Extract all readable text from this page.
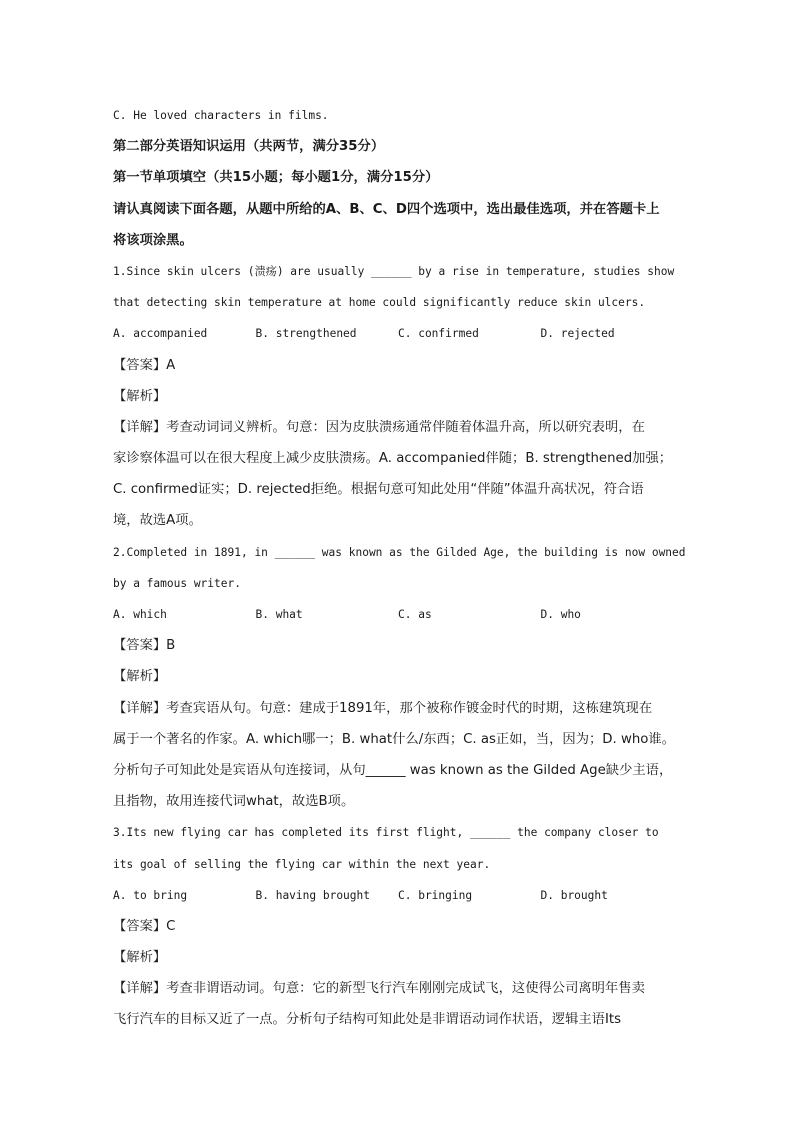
C. He loved characters in films.
第二部分英语知识运用（共两节，满分35分）
第一节单项填空（共15小题；每小题1分，满分15分）
请认真阅读下面各题，从题中所给的A、B、C、D四个选项中，选出最佳选项，并在答题卡上
将该项涂黑。
1.Since skin ulcers (溃疡) are usually ______ by a rise in temperature, studies show
that detecting skin temperature at home could significantly reduce skin ulcers.
A. accompanied	B. strengthened	C. confirmed	D. rejected
【答案】A
【解析】
【详解】考查动词词义辨析。句意：因为皮肤溃疡通常伴随着体温升高，所以研究表明，在
家诊察体温可以在很大程度上减少皮肤溃疡。A. accompanied伴随；B. strengthened加强；
C. confirmed证实；D. rejected拒绝。根据句意可知此处用“伴随”体温升高状况，符合语
境，故选A项。
2.Completed in 1891, in ______ was known as the Gilded Age, the building is now owned
by a famous writer.
A. which	B. what	C. as	D. who
【答案】B
【解析】
【详解】考查宾语从句。句意：建成于1891年，那个被称作镀金时代的时期，这栋建筑现在
属于一个著名的作家。A. which哪一；B. what什么/东西；C. as正如，当，因为；D. who谁。
分析句子可知此处是宾语从句连接词，从句______ was known as the Gilded Age缺少主语，
且指物，故用连接代词what，故选B项。
3.Its new flying car has completed its first flight, ______ the company closer to
its goal of selling the flying car within the next year.
A. to bring	B. having brought	C. bringing	D. brought
【答案】C
【解析】
【详解】考查非谓语动词。句意：它的新型飞行汽车刚刚完成试飞，这使得公司离明年售卖
飞行汽车的目标又近了一点。分析句子结构可知此处是非谓语动词作状语，逻辑主语Its
